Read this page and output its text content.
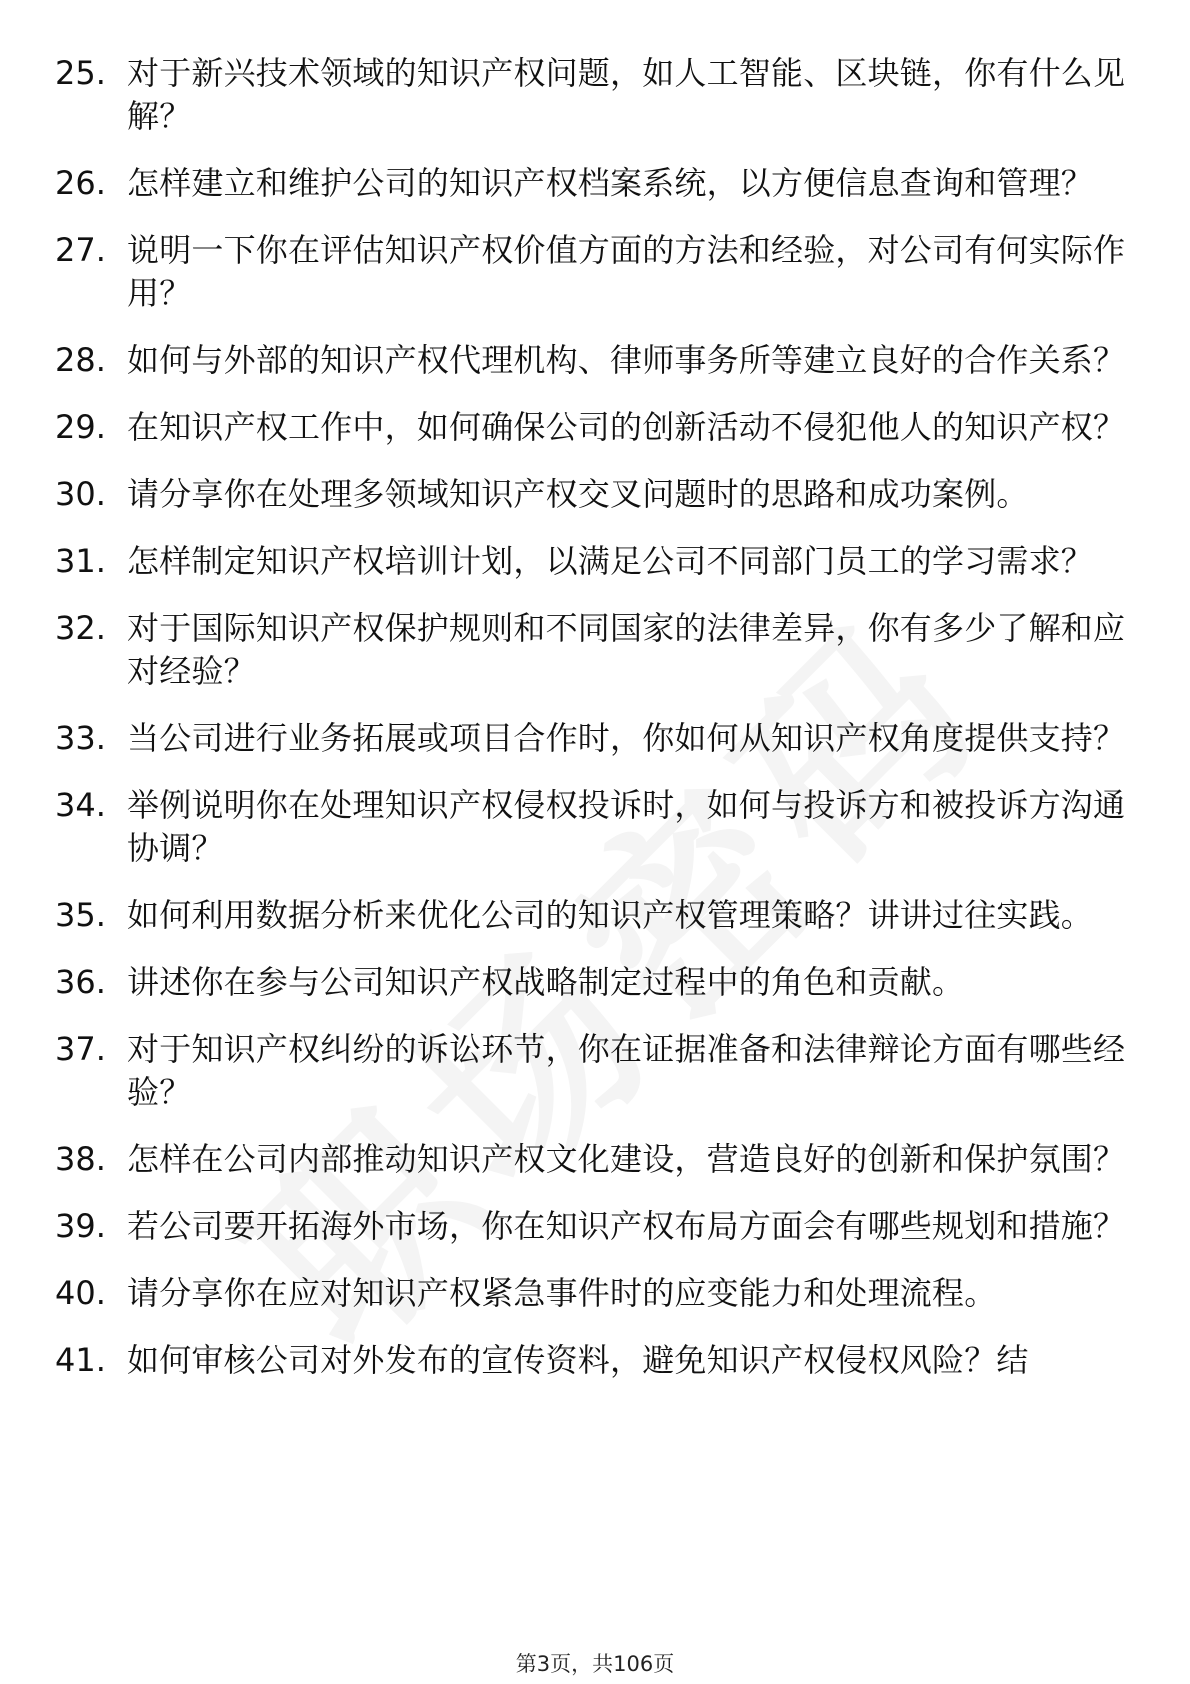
25. 对于新兴技术领域的知识产权问题，如人工智能、区块链，你有什么见解？
26. 怎样建立和维护公司的知识产权档案系统，以方便信息查询和管理？
27. 说明一下你在评估知识产权价值方面的方法和经验，对公司有何实际作用？
28. 如何与外部的知识产权代理机构、律师事务所等建立良好的合作关系？
29. 在知识产权工作中，如何确保公司的创新活动不侵犯他人的知识产权？
30. 请分享你在处理多领域知识产权交叉问题时的思路和成功案例。
31. 怎样制定知识产权培训计划，以满足公司不同部门员工的学习需求？
32. 对于国际知识产权保护规则和不同国家的法律差异，你有多少了解和应对经验？
33. 当公司进行业务拓展或项目合作时，你如何从知识产权角度提供支持？
34. 举例说明你在处理知识产权侵权投诉时，如何与投诉方和被投诉方沟通协调？
35. 如何利用数据分析来优化公司的知识产权管理策略？讲讲过往实践。
36. 讲述你在参与公司知识产权战略制定过程中的角色和贡献。
37. 对于知识产权纠纷的诉讼环节，你在证据准备和法律辩论方面有哪些经验？
38. 怎样在公司内部推动知识产权文化建设，营造良好的创新和保护氛围？
39. 若公司要开拓海外市场，你在知识产权布局方面会有哪些规划和措施？
40. 请分享你在应对知识产权紧急事件时的应变能力和处理流程。
41. 如何审核公司对外发布的宣传资料，避免知识产权侵权风险？结
第3页，共106页
